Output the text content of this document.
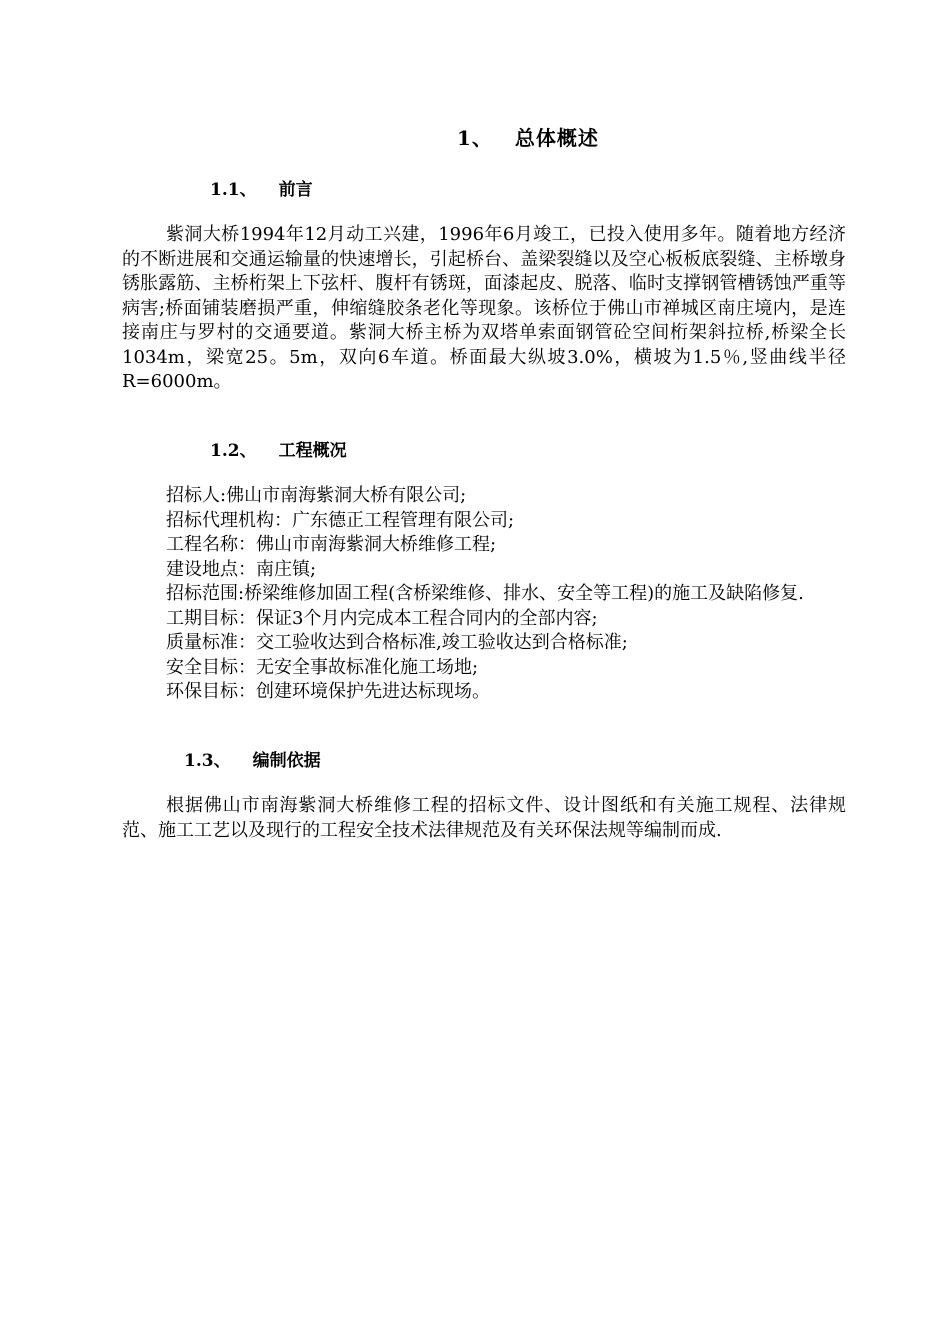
1、 总体概述
1.1、 前言

紫洞大桥1994年12月动工兴建，1996年6月竣工，已投入使用多年。随着地方经济的不断进展和交通运输量的快速增长，引起桥台、盖梁裂缝以及空心板板底裂缝、主桥墩身锈胀露筋、主桥桁架上下弦杆、腹杆有锈斑，面漆起皮、脱落、临时支撑钢管槽锈蚀严重等病害;桥面铺装磨损严重，伸缩缝胶条老化等现象。该桥位于佛山市禅城区南庄境内，是连接南庄与罗村的交通要道。紫洞大桥主桥为双塔单索面钢管砼空间桁架斜拉桥,桥梁全长1034m，梁宽25。5m，双向6车道。桥面最大纵坡3.0%，横坡为1.5％,竖曲线半径R=6000m。

1.2、 工程概况
招标人:佛山市南海紫洞大桥有限公司;
招标代理机构：广东德正工程管理有限公司;
工程名称：佛山市南海紫洞大桥维修工程;
建设地点：南庄镇;
招标范围:桥梁维修加固工程(含桥梁维修、排水、安全等工程)的施工及缺陷修复.
工期目标：保证3个月内完成本工程合同内的全部内容;
质量标准：交工验收达到合格标准,竣工验收达到合格标准;
安全目标：无安全事故标准化施工场地;
环保目标：创建环境保护先进达标现场。
1.3、 编制依据

根据佛山市南海紫洞大桥维修工程的招标文件、设计图纸和有关施工规程、法律规范、施工工艺以及现行的工程安全技术法律规范及有关环保法规等编制而成.
